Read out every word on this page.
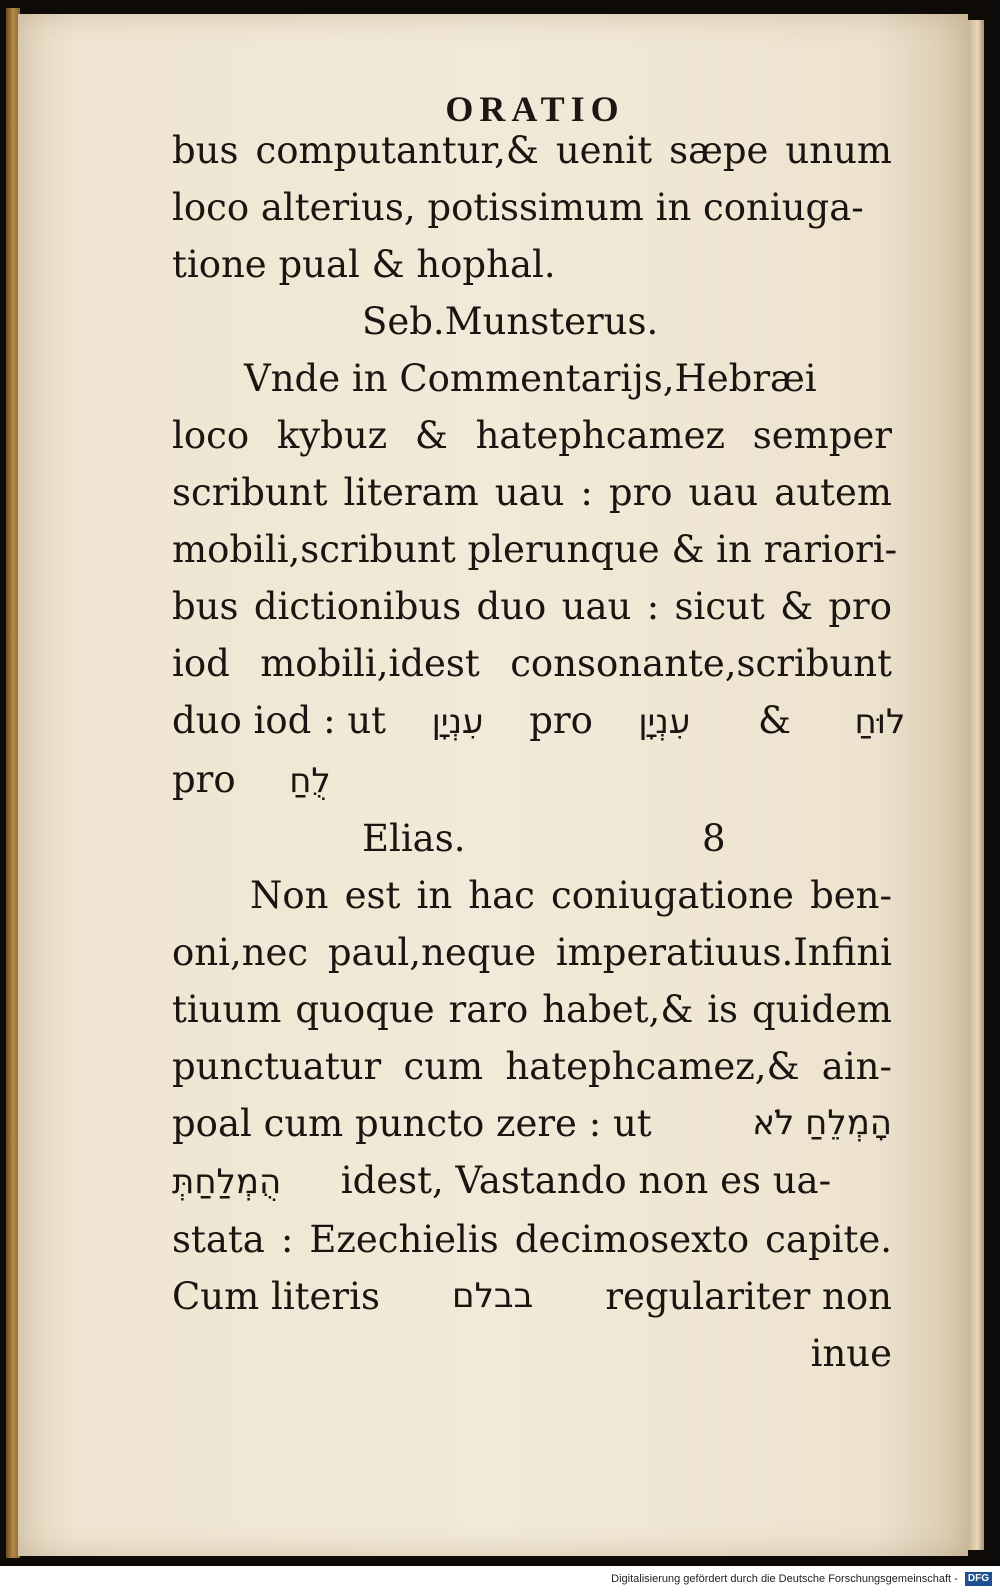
ORATIO
bus computantur,& uenit sæpe unum
loco alterius, potissimum in coniuga-
tione pual & hophal.
Seb.Munsterus.
Vnde in Commentarijs,Hebræi
loco kybuz & hatephcamez semper
scribunt literam uau : pro uau autem
mobili,scribunt plerunque & in rariori-
bus dictionibus duo uau : sicut & pro
iod mobili,idest consonante,scribunt
duo iod : ut עִנְיָן pro עִנְיָן & לוּחַ
pro לֻחַ
Elias.	8
Non est in hac coniugatione ben-
oni,nec paul,neque imperatiuus.Infini
tiuum quoque raro habet,& is quidem
punctuatur cum hatephcamez,& ain-
poal cum puncto zere : ut	הָמְלֵחַ לֹא
הֻמְלַחַתְּ idest, Vastando non es ua-
stata : Ezechielis decimosexto capite.
Cum literis בבלם regulariter non
inue
Digitalisierung gefördert durch die Deutsche Forschungsgemeinschaft - DFG
